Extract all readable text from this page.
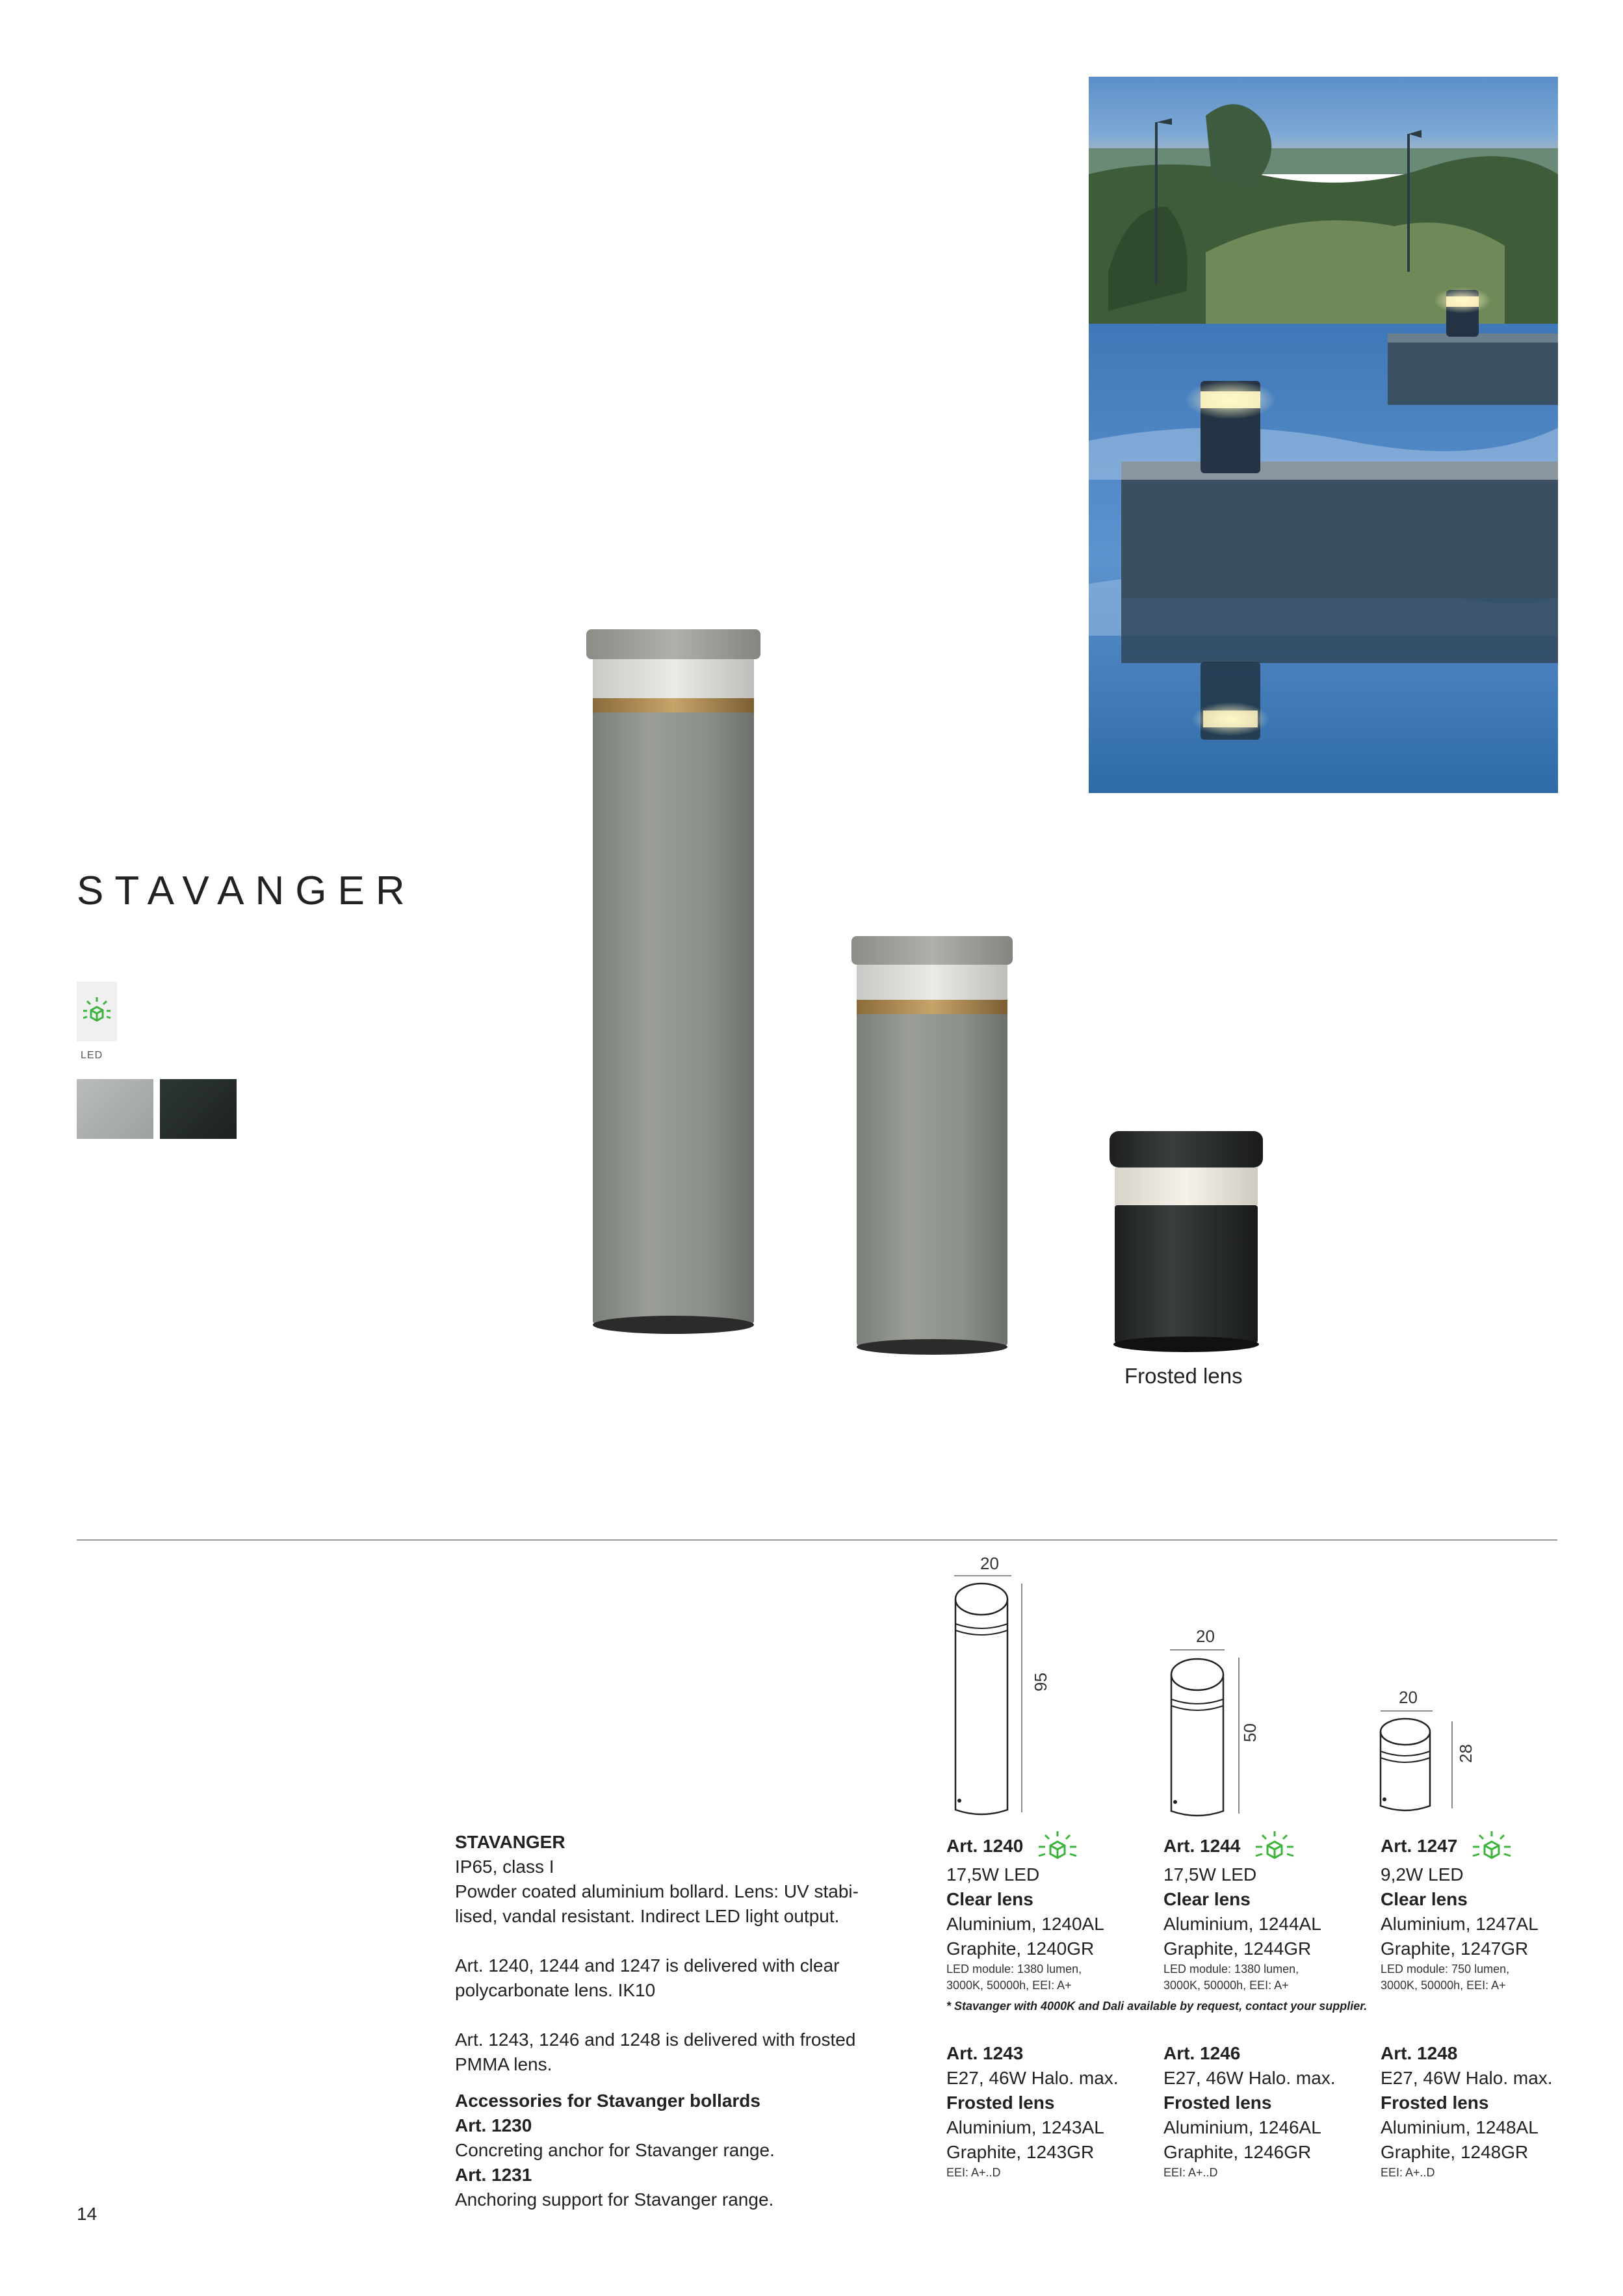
STAVANGER
LED
Frosted lens
20
95
20
50
20
28
STAVANGER
IP65, class I
Powder coated aluminium bollard. Lens: UV stabi-
lised, vandal resistant. Indirect LED light output.
Art. 1240, 1244 and 1247 is delivered with clear
polycarbonate lens. IK10
Art. 1243, 1246 and 1248 is delivered with frosted
PMMA lens.
Accessories for Stavanger bollards
Art. 1230
Concreting anchor for Stavanger range.
Art. 1231
Anchoring support for Stavanger range.
Art. 1240
17,5W LED
Clear lens
Aluminium, 1240AL
Graphite, 1240GR
LED module: 1380 lumen,
3000K, 50000h, EEI: A+
Art. 1244
17,5W LED
Clear lens
Aluminium, 1244AL
Graphite, 1244GR
LED module: 1380 lumen,
3000K, 50000h, EEI: A+
Art. 1247
9,2W LED
Clear lens
Aluminium, 1247AL
Graphite, 1247GR
LED module: 750 lumen,
3000K, 50000h, EEI: A+
* Stavanger with 4000K and Dali available by request, contact your supplier.
Art. 1243
E27, 46W Halo. max.
Frosted lens
Aluminium, 1243AL
Graphite, 1243GR
EEI: A+..D
Art. 1246
E27, 46W Halo. max.
Frosted lens
Aluminium, 1246AL
Graphite, 1246GR
EEI: A+..D
Art. 1248
E27, 46W Halo. max.
Frosted lens
Aluminium, 1248AL
Graphite, 1248GR
EEI: A+..D
14
